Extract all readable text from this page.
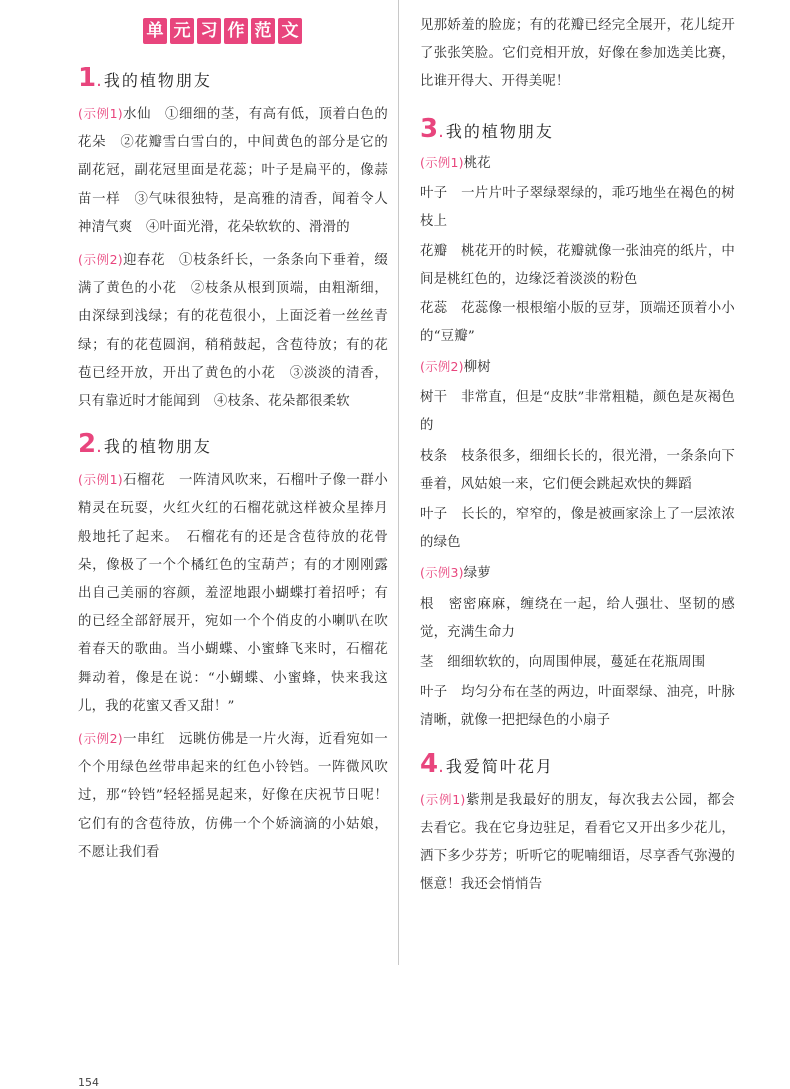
单 元 习 作 范 文
1 . 我的植物朋友

(示例1)水仙　①细细的茎，有高有低，顶着白色的花朵　②花瓣雪白雪白的，中间黄色的部分是它的副花冠，副花冠里面是花蕊；叶子是扁平的，像蒜苗一样　③气味很独特，是高雅的清香，闻着令人神清气爽　④叶面光滑，花朵软软的、滑滑的

(示例2)迎春花　①枝条纤长，一条条向下垂着，缀满了黄色的小花　②枝条从根到顶端，由粗渐细，由深绿到浅绿；有的花苞很小，上面泛着一丝丝青绿；有的花苞圆润，稍稍鼓起，含苞待放；有的花苞已经开放，开出了黄色的小花　③淡淡的清香，只有靠近时才能闻到　④枝条、花朵都很柔软

2 . 我的植物朋友

(示例1)石榴花　一阵清风吹来，石榴叶子像一群小精灵在玩耍，火红火红的石榴花就这样被众星捧月般地托了起来。　石榴花有的还是含苞待放的花骨朵，像极了一个个橘红色的宝葫芦；有的才刚刚露出自己美丽的容颜，羞涩地跟小蝴蝶打着招呼；有的已经全部舒展开，宛如一个个俏皮的小喇叭在吹着春天的歌曲。当小蝴蝶、小蜜蜂飞来时，石榴花舞动着，像是在说：“小蝴蝶、小蜜蜂，快来我这儿，我的花蜜又香又甜！”

(示例2)一串红　远眺仿佛是一片火海，近看宛如一个个用绿色丝带串起来的红色小铃铛。一阵微风吹过，那“铃铛”轻轻摇晃起来，好像在庆祝节日呢！　它们有的含苞待放，仿佛一个个娇滴滴的小姑娘，不愿让我们看

见那娇羞的脸庞；有的花瓣已经完全展开，花儿绽开了张张笑脸。它们竞相开放，好像在参加选美比赛，比谁开得大、开得美呢！

3 . 我的植物朋友

(示例1)桃花

叶子　一片片叶子翠绿翠绿的，乖巧地坐在褐色的树枝上

花瓣　桃花开的时候，花瓣就像一张油亮的纸片，中间是桃红色的，边缘泛着淡淡的粉色

花蕊　花蕊像一根根缩小版的豆芽，顶端还顶着小小的“豆瓣”

(示例2)柳树

树干　非常直，但是“皮肤”非常粗糙，颜色是灰褐色的

枝条　枝条很多，细细长长的，很光滑，一条条向下垂着，风姑娘一来，它们便会跳起欢快的舞蹈

叶子　长长的，窄窄的，像是被画家涂上了一层浓浓的绿色

(示例3)绿萝

根　密密麻麻，缠绕在一起，给人强壮、坚韧的感觉，充满生命力

茎　细细软软的，向周围伸展，蔓延在花瓶周围

叶子　均匀分布在茎的两边，叶面翠绿、油亮，叶脉清晰，就像一把把绿色的小扇子

4 . 我爱简叶花月

(示例1)紫荆是我最好的朋友，每次我去公园，都会去看它。我在它身边驻足，看看它又开出多少花儿，洒下多少芬芳；听听它的呢喃细语，尽享香气弥漫的惬意！我还会悄悄告

154
